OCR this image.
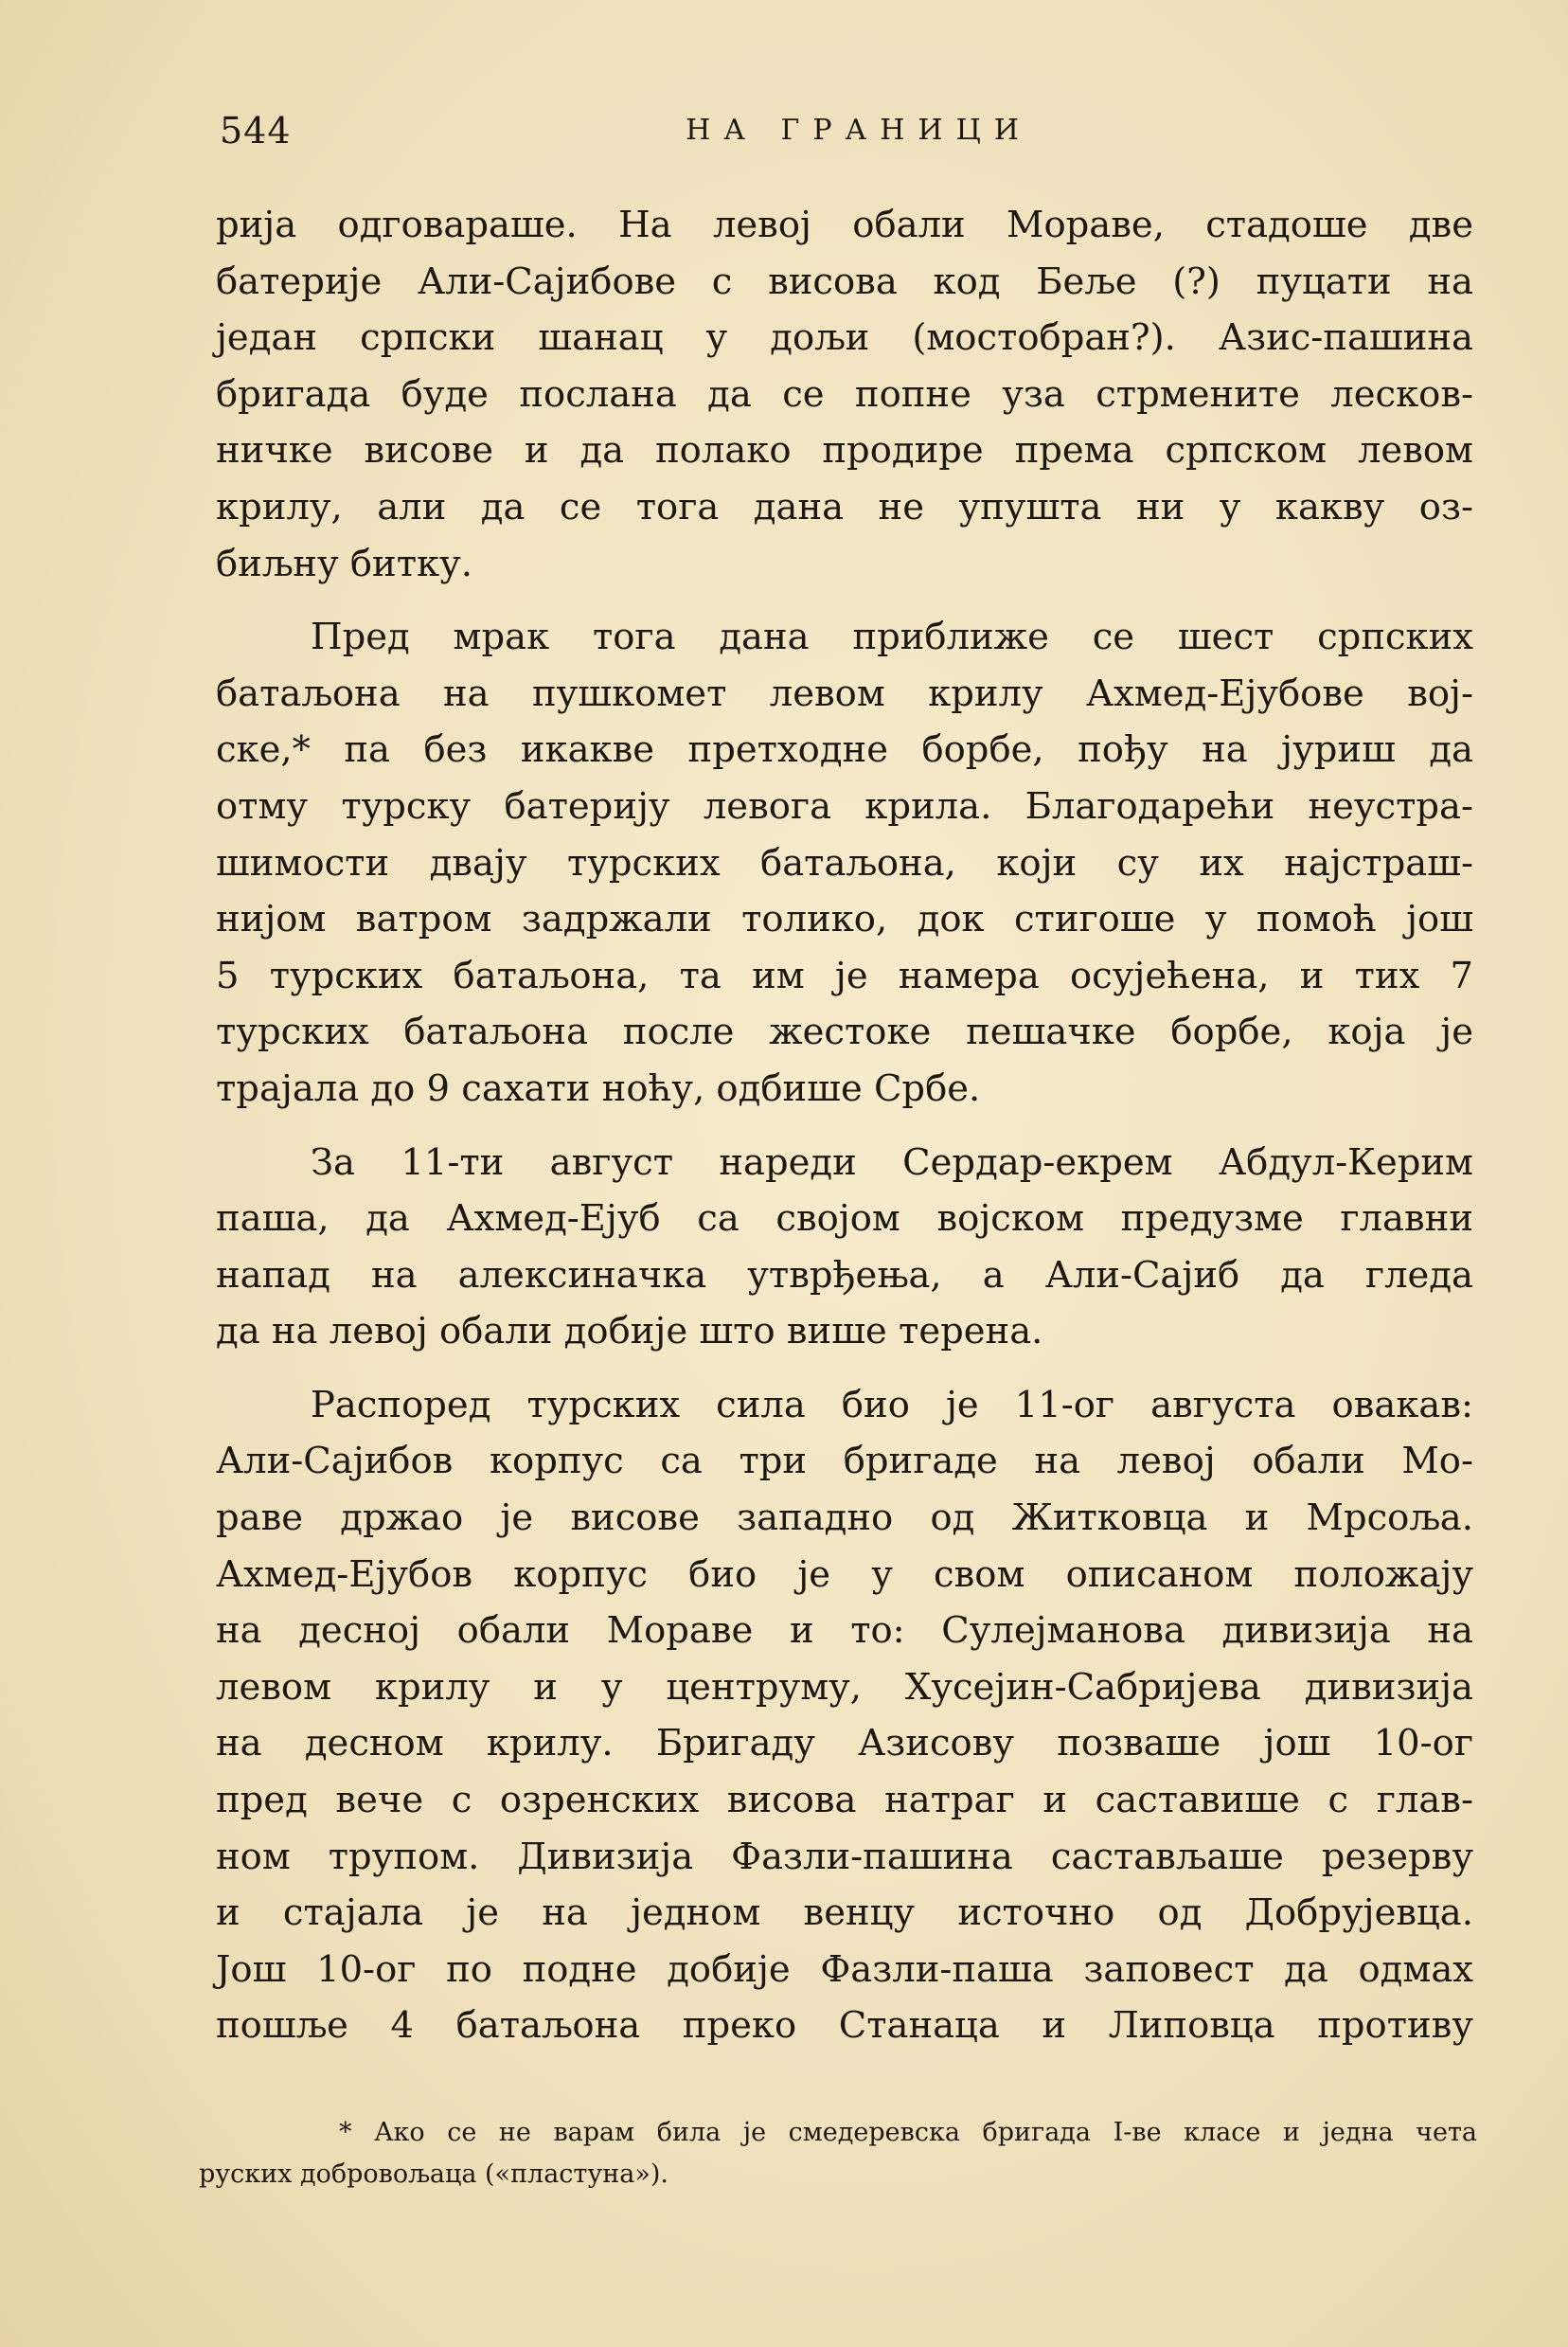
544	НА ГРАНИЦИ
рија одговараше. На левој обали Мораве, стадоше две
батерије Али-Саjибове с висова код Беље (?) пуцати на
један српски шанац у дољи (мостобран?). Азис-пашина
бригада буде послана да се попне уза стрмените лесков-
ничке висове и да полако продире према српском левом
крилу, али да се тога дана не упушта ни у какву оз-
биљну битку.
Пред мрак тога дана приближе се шест српских
батаљона на пушкомет левом крилу Ахмед-Ејубове вој-
ске,* па без икакве претходне борбе, пођу на јуриш да
отму турску батерију левога крила. Благодарећи неустра-
шимости двају турских батаљона, који су их најстраш-
нијом ватром задржали толико, док стигоше у помоћ још
5 турских батаљона, та им је намера осујећена, и тих 7
турских батаљона после жестоке пешачке борбе, која је
трајала до 9 сахати ноћу, одбише Србе.
За 11-ти август нареди Сердар-екрем Абдул-Керим
паша, да Ахмед-Ејуб са својом војском предузме главни
напад на алексиначка утврђења, а Али-Саjиб да гледа
да на левој обали добије што више терена.
Распоред турских сила био је 11-ог августа овакав:
Али-Саjибов корпус са три бригаде на левој обали Мо-
раве држао је висове западно од Житковца и Мрсоља.
Ахмед-Ејубов корпус био је у свом описаном положају
на десној обали Мораве и то: Сулејманова дивизија на
левом крилу и у центруму, Хусејин-Сабријева дивизија
на десном крилу. Бригаду Азисову позваше још 10-ог
пред вече с озренских висова натраг и саставише с глав-
ном трупом. Дивизија Фазли-пашина састављаше резерву
и стајала је на једном венцу источно од Добрујевца.
Још 10-ог по подне добије Фазли-паша заповест да одмах
пошље 4 батаљона преко Станаца и Липовца противу
* Ако се не варам била је смедеревска бригада I-ве класе и једна чета
руских добровољаца («пластуна»).
